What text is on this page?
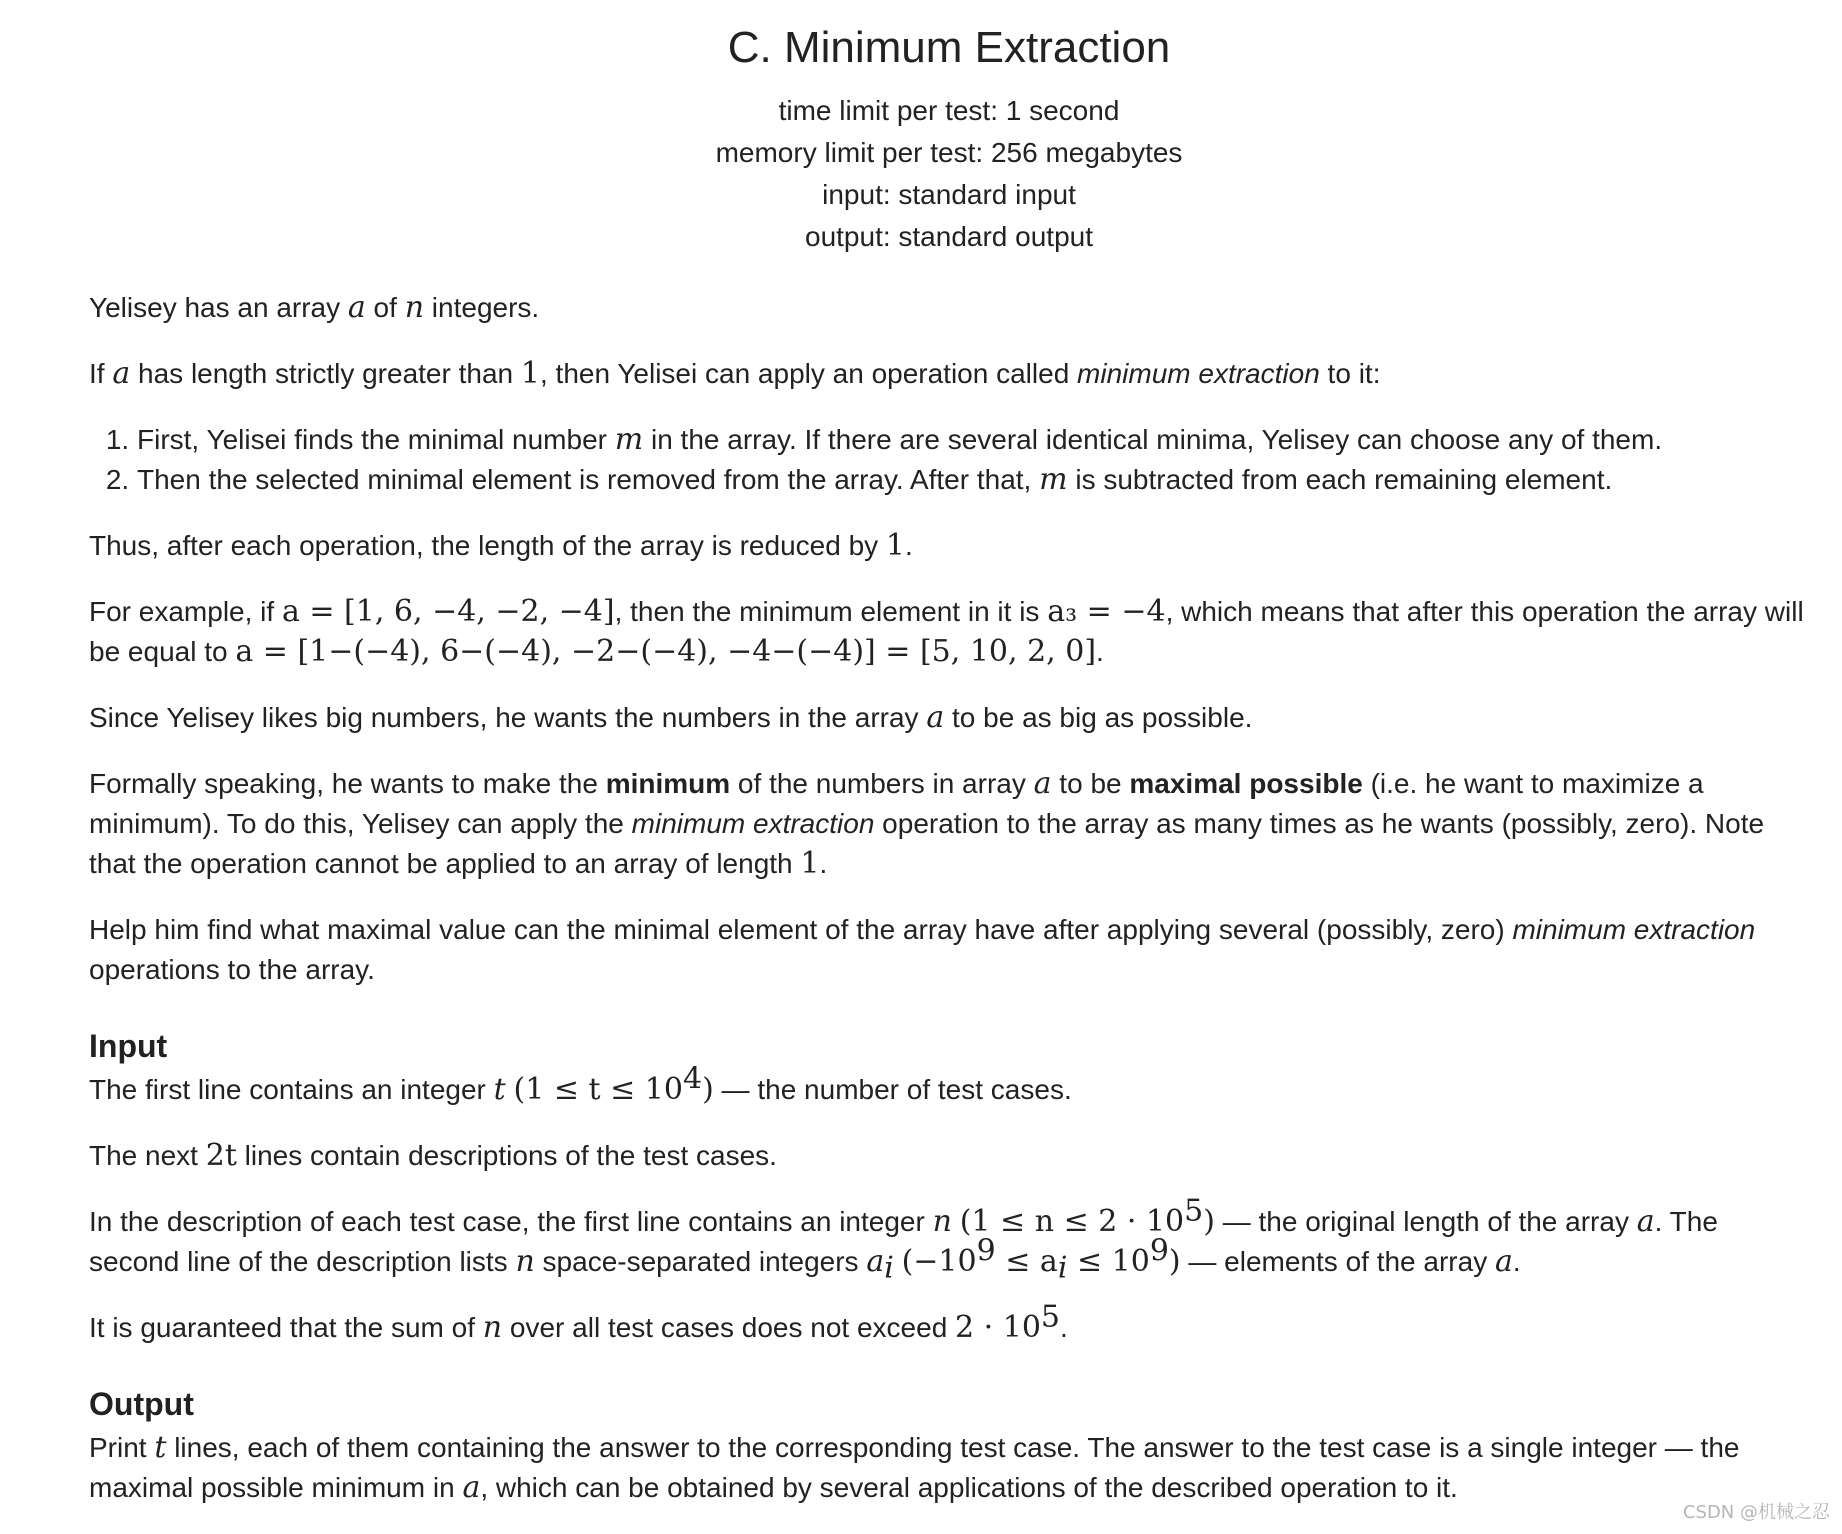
C. Minimum Extraction
time limit per test: 1 second
memory limit per test: 256 megabytes
input: standard input
output: standard output

Yelisey has an array a of n integers.

If a has length strictly greater than 1, then Yelisei can apply an operation called minimum extraction to it:

1. First, Yelisei finds the minimal number m in the array. If there are several identical minima, Yelisey can choose any of them.
2. Then the selected minimal element is removed from the array. After that, m is subtracted from each remaining element.

Thus, after each operation, the length of the array is reduced by 1.

For example, if a = [1, 6, −4, −2, −4], then the minimum element in it is a₃ = −4, which means that after this operation the array will be equal to a = [1−(−4), 6−(−4), −2−(−4), −4−(−4)] = [5, 10, 2, 0].

Since Yelisey likes big numbers, he wants the numbers in the array a to be as big as possible.

Formally speaking, he wants to make the minimum of the numbers in array a to be maximal possible (i.e. he want to maximize a minimum). To do this, Yelisey can apply the minimum extraction operation to the array as many times as he wants (possibly, zero). Note that the operation cannot be applied to an array of length 1.

Help him find what maximal value can the minimal element of the array have after applying several (possibly, zero) minimum extraction operations to the array.

Input

The first line contains an integer t $(1 \le t \le 10^4)$ — the number of test cases.

The next 2t lines contain descriptions of the test cases.

In the description of each test case, the first line contains an integer n $(1 \le n \le 2 \cdot 10^5)$ — the original length of the array a. The second line of the description lists n space-separated integers $a_i$ $(-10^9 \le a_i \le 10^9)$ — elements of the array a.

It is guaranteed that the sum of n over all test cases does not exceed $2 \cdot 10^5$.

Output

Print t lines, each of them containing the answer to the corresponding test case. The answer to the test case is a single integer — the maximal possible minimum in a, which can be obtained by several applications of the described operation to it.

CSDN @机械之忍
